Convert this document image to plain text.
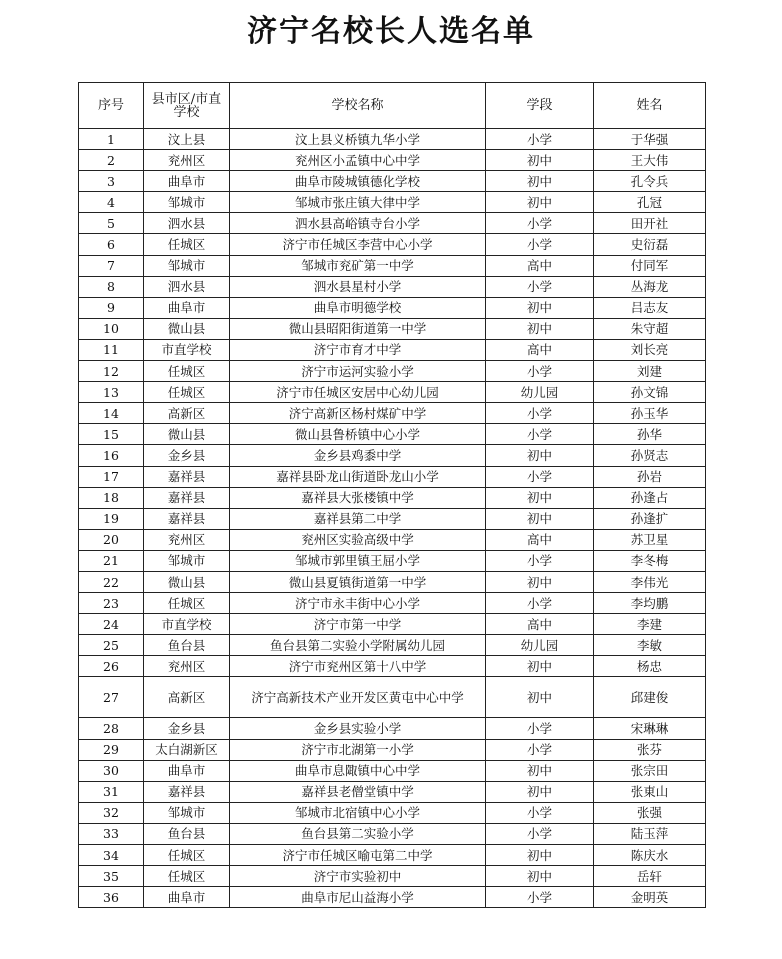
济宁名校长人选名单
序号	县市区/市直学校	学校名称	学段	姓名
1	汶上县	汶上县义桥镇九华小学	小学	于华强
2	兖州区	兖州区小孟镇中心中学	初中	王大伟
3	曲阜市	曲阜市陵城镇德化学校	初中	孔令兵
4	邹城市	邹城市张庄镇大律中学	初中	孔冠
5	泗水县	泗水县高峪镇寺台小学	小学	田开社
6	任城区	济宁市任城区李营中心小学	小学	史衍磊
7	邹城市	邹城市兖矿第一中学	高中	付同军
8	泗水县	泗水县星村小学	小学	丛海龙
9	曲阜市	曲阜市明德学校	初中	吕志友
10	微山县	微山县昭阳街道第一中学	初中	朱守超
11	市直学校	济宁市育才中学	高中	刘长亮
12	任城区	济宁市运河实验小学	小学	刘建
13	任城区	济宁市任城区安居中心幼儿园	幼儿园	孙文锦
14	高新区	济宁高新区杨村煤矿中学	小学	孙玉华
15	微山县	微山县鲁桥镇中心小学	小学	孙华
16	金乡县	金乡县鸡黍中学	初中	孙贤志
17	嘉祥县	嘉祥县卧龙山街道卧龙山小学	小学	孙岩
18	嘉祥县	嘉祥县大张楼镇中学	初中	孙逢占
19	嘉祥县	嘉祥县第二中学	初中	孙逢扩
20	兖州区	兖州区实验高级中学	高中	苏卫星
21	邹城市	邹城市郭里镇王屈小学	小学	李冬梅
22	微山县	微山县夏镇街道第一中学	初中	李伟光
23	任城区	济宁市永丰街中心小学	小学	李均鹏
24	市直学校	济宁市第一中学	高中	李建
25	鱼台县	鱼台县第二实验小学附属幼儿园	幼儿园	李敏
26	兖州区	济宁市兖州区第十八中学	初中	杨忠
27	高新区	济宁高新技术产业开发区黄屯中心中学	初中	邱建俊
28	金乡县	金乡县实验小学	小学	宋琳琳
29	太白湖新区	济宁市北湖第一小学	小学	张芬
30	曲阜市	曲阜市息陬镇中心中学	初中	张宗田
31	嘉祥县	嘉祥县老僧堂镇中学	初中	张東山
32	邹城市	邹城市北宿镇中心小学	小学	张强
33	鱼台县	鱼台县第二实验小学	小学	陆玉萍
34	任城区	济宁市任城区喻屯第二中学	初中	陈庆水
35	任城区	济宁市实验初中	初中	岳轩
36	曲阜市	曲阜市尼山益海小学	小学	金明英
